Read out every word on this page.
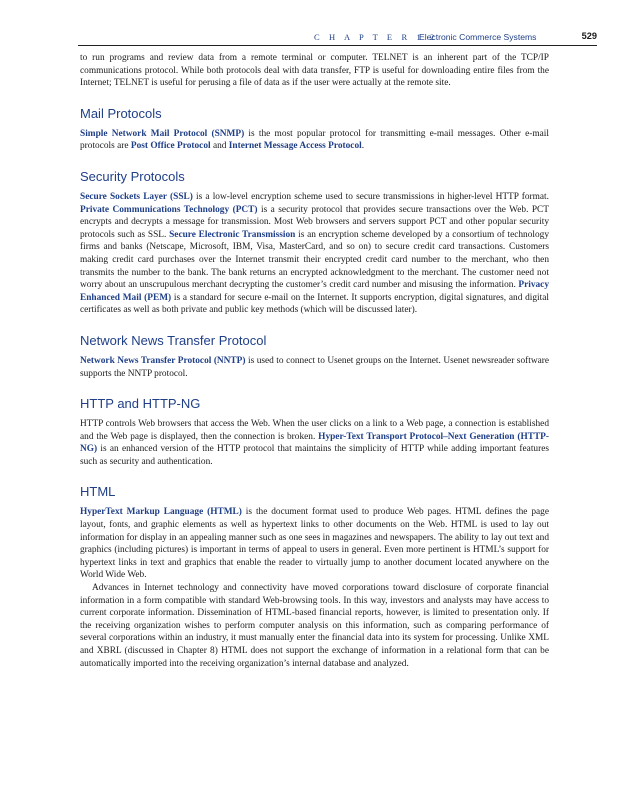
C H A P T E R 1 2
Electronic Commerce Systems	529

to run programs and review data from a remote terminal or computer. TELNET is an inherent part of the TCP/IP communications protocol. While both protocols deal with data transfer, FTP is useful for downloading entire files from the Internet; TELNET is useful for perusing a file of data as if the user were actually at the remote site.

Mail Protocols

Simple Network Mail Protocol (SNMP) is the most popular protocol for transmitting e-mail messages. Other e-mail protocols are Post Office Protocol and Internet Message Access Protocol.

Security Protocols

Secure Sockets Layer (SSL) is a low-level encryption scheme used to secure transmissions in higher-level HTTP format. Private Communications Technology (PCT) is a security protocol that provides secure transactions over the Web. PCT encrypts and decrypts a message for transmission. Most Web browsers and servers support PCT and other popular security protocols such as SSL. Secure Electronic Transmission is an encryption scheme developed by a consortium of technology firms and banks (Netscape, Microsoft, IBM, Visa, MasterCard, and so on) to secure credit card transactions. Customers making credit card purchases over the Internet transmit their encrypted credit card number to the merchant, who then transmits the number to the bank. The bank returns an encrypted acknowledgment to the merchant. The customer need not worry about an unscrupulous merchant decrypting the customer’s credit card number and misusing the information. Privacy Enhanced Mail (PEM) is a standard for secure e-mail on the Internet. It supports encryption, digital signatures, and digital certificates as well as both private and public key methods (which will be discussed later).

Network News Transfer Protocol

Network News Transfer Protocol (NNTP) is used to connect to Usenet groups on the Internet. Usenet newsreader software supports the NNTP protocol.

HTTP and HTTP-NG

HTTP controls Web browsers that access the Web. When the user clicks on a link to a Web page, a connection is established and the Web page is displayed, then the connection is broken. Hyper-Text Transport Protocol–Next Generation (HTTP-NG) is an enhanced version of the HTTP protocol that maintains the simplicity of HTTP while adding important features such as security and authentication.

HTML

HyperText Markup Language (HTML) is the document format used to produce Web pages. HTML defines the page layout, fonts, and graphic elements as well as hypertext links to other documents on the Web. HTML is used to lay out information for display in an appealing manner such as one sees in magazines and newspapers. The ability to lay out text and graphics (including pictures) is important in terms of appeal to users in general. Even more pertinent is HTML’s support for hypertext links in text and graphics that enable the reader to virtually jump to another document located anywhere on the World Wide Web.

Advances in Internet technology and connectivity have moved corporations toward disclosure of corporate financial information in a form compatible with standard Web-browsing tools. In this way, investors and analysts may have access to current corporate information. Dissemination of HTML-based financial reports, however, is limited to presentation only. If the receiving organization wishes to perform computer analysis on this information, such as comparing performance of several corporations within an industry, it must manually enter the financial data into its system for processing. Unlike XML and XBRL (discussed in Chapter 8) HTML does not support the exchange of information in a relational form that can be automatically imported into the receiving organization’s internal database and analyzed.
